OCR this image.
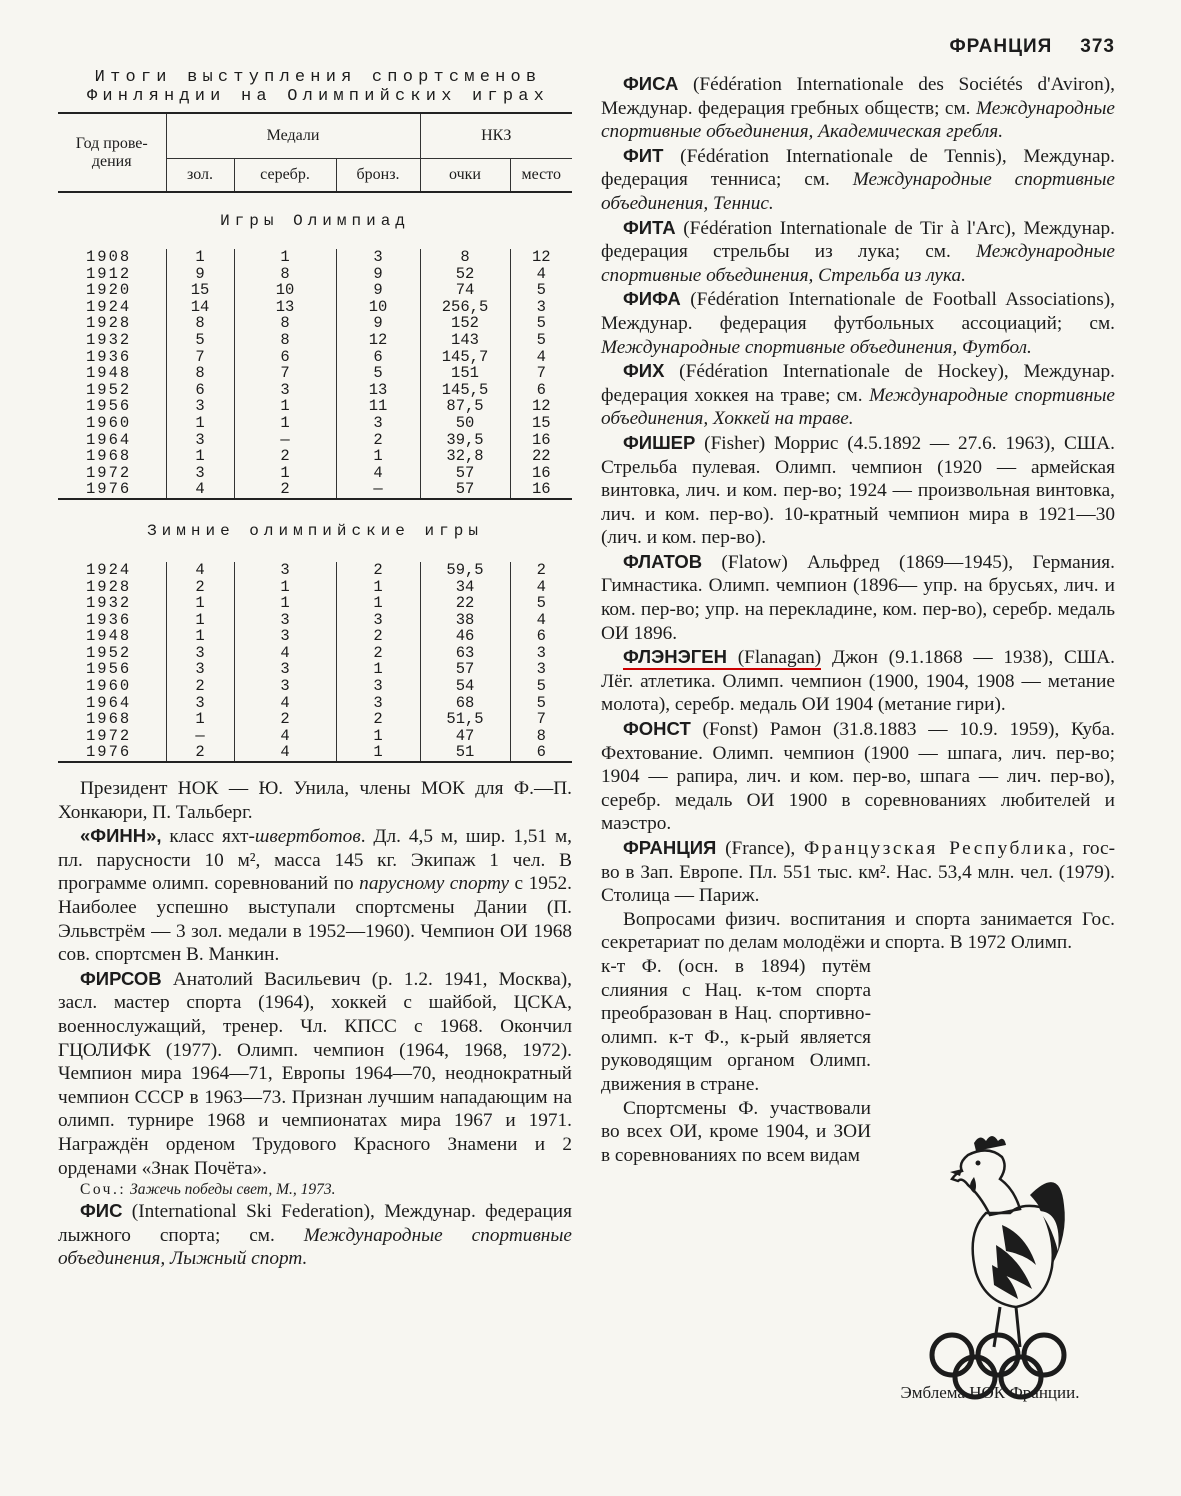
ФРАНЦИЯ 373
Итоги выступления спортсменов
Финляндии на Олимпийских играх
Год прове-дения	Медали			НКЗ	
	зол.	серебр.	бронз.	очки	место
Игры Олимпиад					
1908	1	1	3	8	12
1912	9	8	9	52	4
1920	15	10	9	74	5
1924	14	13	10	256,5	3
1928	8	8	9	152	5
1932	5	8	12	143	5
1936	7	6	6	145,7	4
1948	8	7	5	151	7
1952	6	3	13	145,5	6
1956	3	1	11	87,5	12
1960	1	1	3	50	15
1964	3	—	2	39,5	16
1968	1	2	1	32,8	22
1972	3	1	4	57	16
1976	4	2	—	57	16
Зимние олимпийские игры					
1924	4	3	2	59,5	2
1928	2	1	1	34	4
1932	1	1	1	22	5
1936	1	3	3	38	4
1948	1	3	2	46	6
1952	3	4	2	63	3
1956	3	3	1	57	3
1960	2	3	3	54	5
1964	3	4	3	68	5
1968	1	2	2	51,5	7
1972	—	4	1	47	8
1976	2	4	1	51	6

Президент НОК — Ю. Унила, члены МОК для Ф.—П. Хонкаюри, П. Тальберг.

«ФИНН», класс яхт-швертботов. Дл. 4,5 м, шир. 1,51 м, пл. парусности 10 м², масса 145 кг. Экипаж 1 чел. В программе олимп. соревнований по парусному спорту с 1952. Наиболее успешно выступали спортсмены Дании (П. Эльвстрём — 3 зол. медали в 1952—1960). Чемпион ОИ 1968 сов. спортсмен В. Манкин.

ФИРСОВ Анатолий Васильевич (р. 1.2. 1941, Москва), засл. мастер спорта (1964), хоккей с шайбой, ЦСКА, военнослужащий, тренер. Чл. КПСС с 1968. Окончил ГЦОЛИФК (1977). Олимп. чемпион (1964, 1968, 1972). Чемпион мира 1964—71, Европы 1964—70, неоднократный чемпион СССР в 1963—73. Признан лучшим нападающим на олимп. турнире 1968 и чемпионатах мира 1967 и 1971. Награждён орденом Трудового Красного Знамени и 2 орденами «Знак Почёта».

Соч.: Зажечь победы свет, М., 1973.

ФИС (International Ski Federation), Междунар. федерация лыжного спорта; см. Международные спортивные объединения, Лыжный спорт.

ФИСА (Fédération Internationale des Sociétés d'Aviron), Междунар. федерация гребных обществ; см. Международные спортивные объединения, Академическая гребля.

ФИТ (Fédération Internationale de Tennis), Междунар. федерация тенниса; см. Международные спортивные объединения, Теннис.

ФИТА (Fédération Internationale de Tir à l'Arc), Междунар. федерация стрельбы из лука; см. Международные спортивные объединения, Стрельба из лука.

ФИФА (Fédération Internationale de Football Associations), Междунар. федерация футбольных ассоциаций; см. Международные спортивные объединения, Футбол.

ФИХ (Fédération Internationale de Hockey), Междунар. федерация хоккея на траве; см. Международные спортивные объединения, Хоккей на траве.

ФИШЕР (Fisher) Моррис (4.5.1892 — 27.6. 1963), США. Стрельба пулевая. Олимп. чемпион (1920 — армейская винтовка, лич. и ком. пер-во; 1924 — произвольная винтовка, лич. и ком. пер-во). 10-кратный чемпион мира в 1921—30 (лич. и ком. пер-во).

ФЛАТОВ (Flatow) Альфред (1869—1945), Германия. Гимнастика. Олимп. чемпион (1896— упр. на брусьях, лич. и ком. пер-во; упр. на перекладине, ком. пер-во), серебр. медаль ОИ 1896.

ФЛЭНЭГЕН (Flanagan) Джон (9.1.1868 — 1938), США. Лёг. атлетика. Олимп. чемпион (1900, 1904, 1908 — метание молота), серебр. медаль ОИ 1904 (метание гири).

ФОНСТ (Fonst) Рамон (31.8.1883 — 10.9. 1959), Куба. Фехтование. Олимп. чемпион (1900 — шпага, лич. пер-во; 1904 — рапира, лич. и ком. пер-во, шпага — лич. пер-во), серебр. медаль ОИ 1900 в соревнованиях любителей и маэстро.

ФРАНЦИЯ (France), Французская Республика, гос-во в Зап. Европе. Пл. 551 тыс. км². Нас. 53,4 млн. чел. (1979). Столица — Париж.

Вопросами физич. воспитания и спорта занимается Гос. секретариат по делам молодёжи и спорта. В 1972 Олимп.

к-т Ф. (осн. в 1894) путём слияния с Нац. к-том спорта преобразован в Нац. спортивно-олимп. к-т Ф., к-рый является руководящим органом Олимп. движения в стране.

Спортсмены Ф. участвовали во всех ОИ, кроме 1904, и ЗОИ в соревнованиях по всем видам

Эмблема НОК Франции.
